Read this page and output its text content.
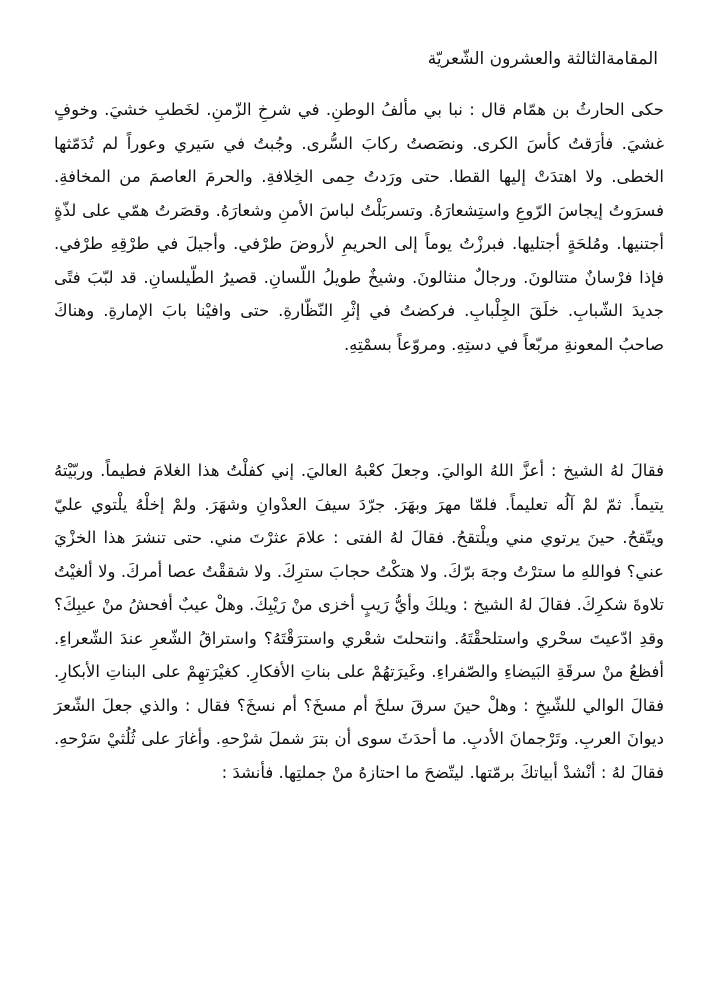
المقامةالثالثة والعشرون الشّعريّة

حكى الحارثُ بن همّام قال : نبا بي مألفُ الوطنِ. في شرخِ الزّمنِ. لخَطبِ خشيَ. وخوفٍ غشيَ. فأرَقتُ كأسَ الكرى. ونصَصتُ ركابَ السُّرى. وجُبتُ في سَيري وعوراً لم تُدَمّثها الخطى. ولا اهتدَتْ إليها القطا. حتى ورَدتُ حِمى الخِلافةِ. والحرمَ العاصمَ من المخافةِ. فسرَوتُ إيجاسَ الرّوعِ واستِشعارَهُ. وتسربَلْتُ لباسَ الأمنِ وشعارَهُ. وقصَرتُ همّي على لذّةٍ أجتنيها. ومُلحَةٍ أجتليها. فبرزْتُ يوماً إلى الحريمِ لأروضَ طرْفي. وأجيلَ في طرْقِهِ طرْفي. فإذا فرْسانٌ متتالونَ. ورجالٌ منثالونَ. وشيخٌ طويلُ اللّسانِ. قصيرُ الطّيلسانِ. قد لبّبَ فتًى جديدَ الشّبابِ. خلَقَ الجِلْبابِ. فركضتُ في إثْرِ النّظّارةِ. حتى وافيْنا بابَ الإمارةِ. وهناكَ صاحبُ المعونةِ مربّعاً في دستِهِ. ومروّعاً بسمْتِهِ.

فقالَ لهُ الشيخ : أعزَّ اللهُ الواليَ. وجعلَ كعْبهُ العاليَ. إني كفلْتُ هذا الغلامَ فطيماً. وربّيْتهُ يتيماً. ثمّ لمْ آلُه تعليماً. فلمّا مهرَ وبهَرَ. جرّدَ سيفَ العدْوانِ وشهَرَ. ولمْ إخلْهُ يلْتوي عليّ ويتّقحُ. حينَ يرتوي مني ويلْتقحُ. فقالَ لهُ الفتى : علامَ عثرْتَ مني. حتى تنشرَ هذا الخزْيَ عني؟ فواللهِ ما سترْتُ وجهَ برّكَ. ولا هتكْتُ حجابَ سترِكَ. ولا شققْتُ عصا أمركَ. ولا ألغيْتُ تلاوةَ شكرِكَ. فقالَ لهُ الشيخ : ويلكَ وأيُّ رَيبٍ أخزى منْ رَيْبِكَ. وهلْ عيبٌ أفحشُ منْ عيبِكَ؟ وقدِ ادّعيتَ سحْري واستلحقْتَهُ. وانتحلتَ شعْري واسترَقْتَهُ؟ واستراقُ الشّعرِ عندَ الشّعراءِ. أفظعُ منْ سرقَةِ البَيضاءِ والصّفراءِ. وغَيرَتهُمْ على بناتِ الأفكارِ. كغيْرَتهِمْ على البناتِ الأبكارِ. فقالَ الوالي للشّيخِ : وهلْ حينَ سرقَ سلخَ أم مسخَ؟ أم نسخَ؟ فقال : والذي جعلَ الشّعرَ ديوانَ العربِ. وتَرْجمانَ الأدبِ. ما أحدَثَ سوى أن بترَ شملَ شرْحهِ. وأغارَ على ثُلُثيْ سَرْحهِ. فقالَ لهُ : أنْشدْ أبياتكَ برمّتها. ليتّضحَ ما احتازهُ منْ جملتِها. فأنشدَ :
